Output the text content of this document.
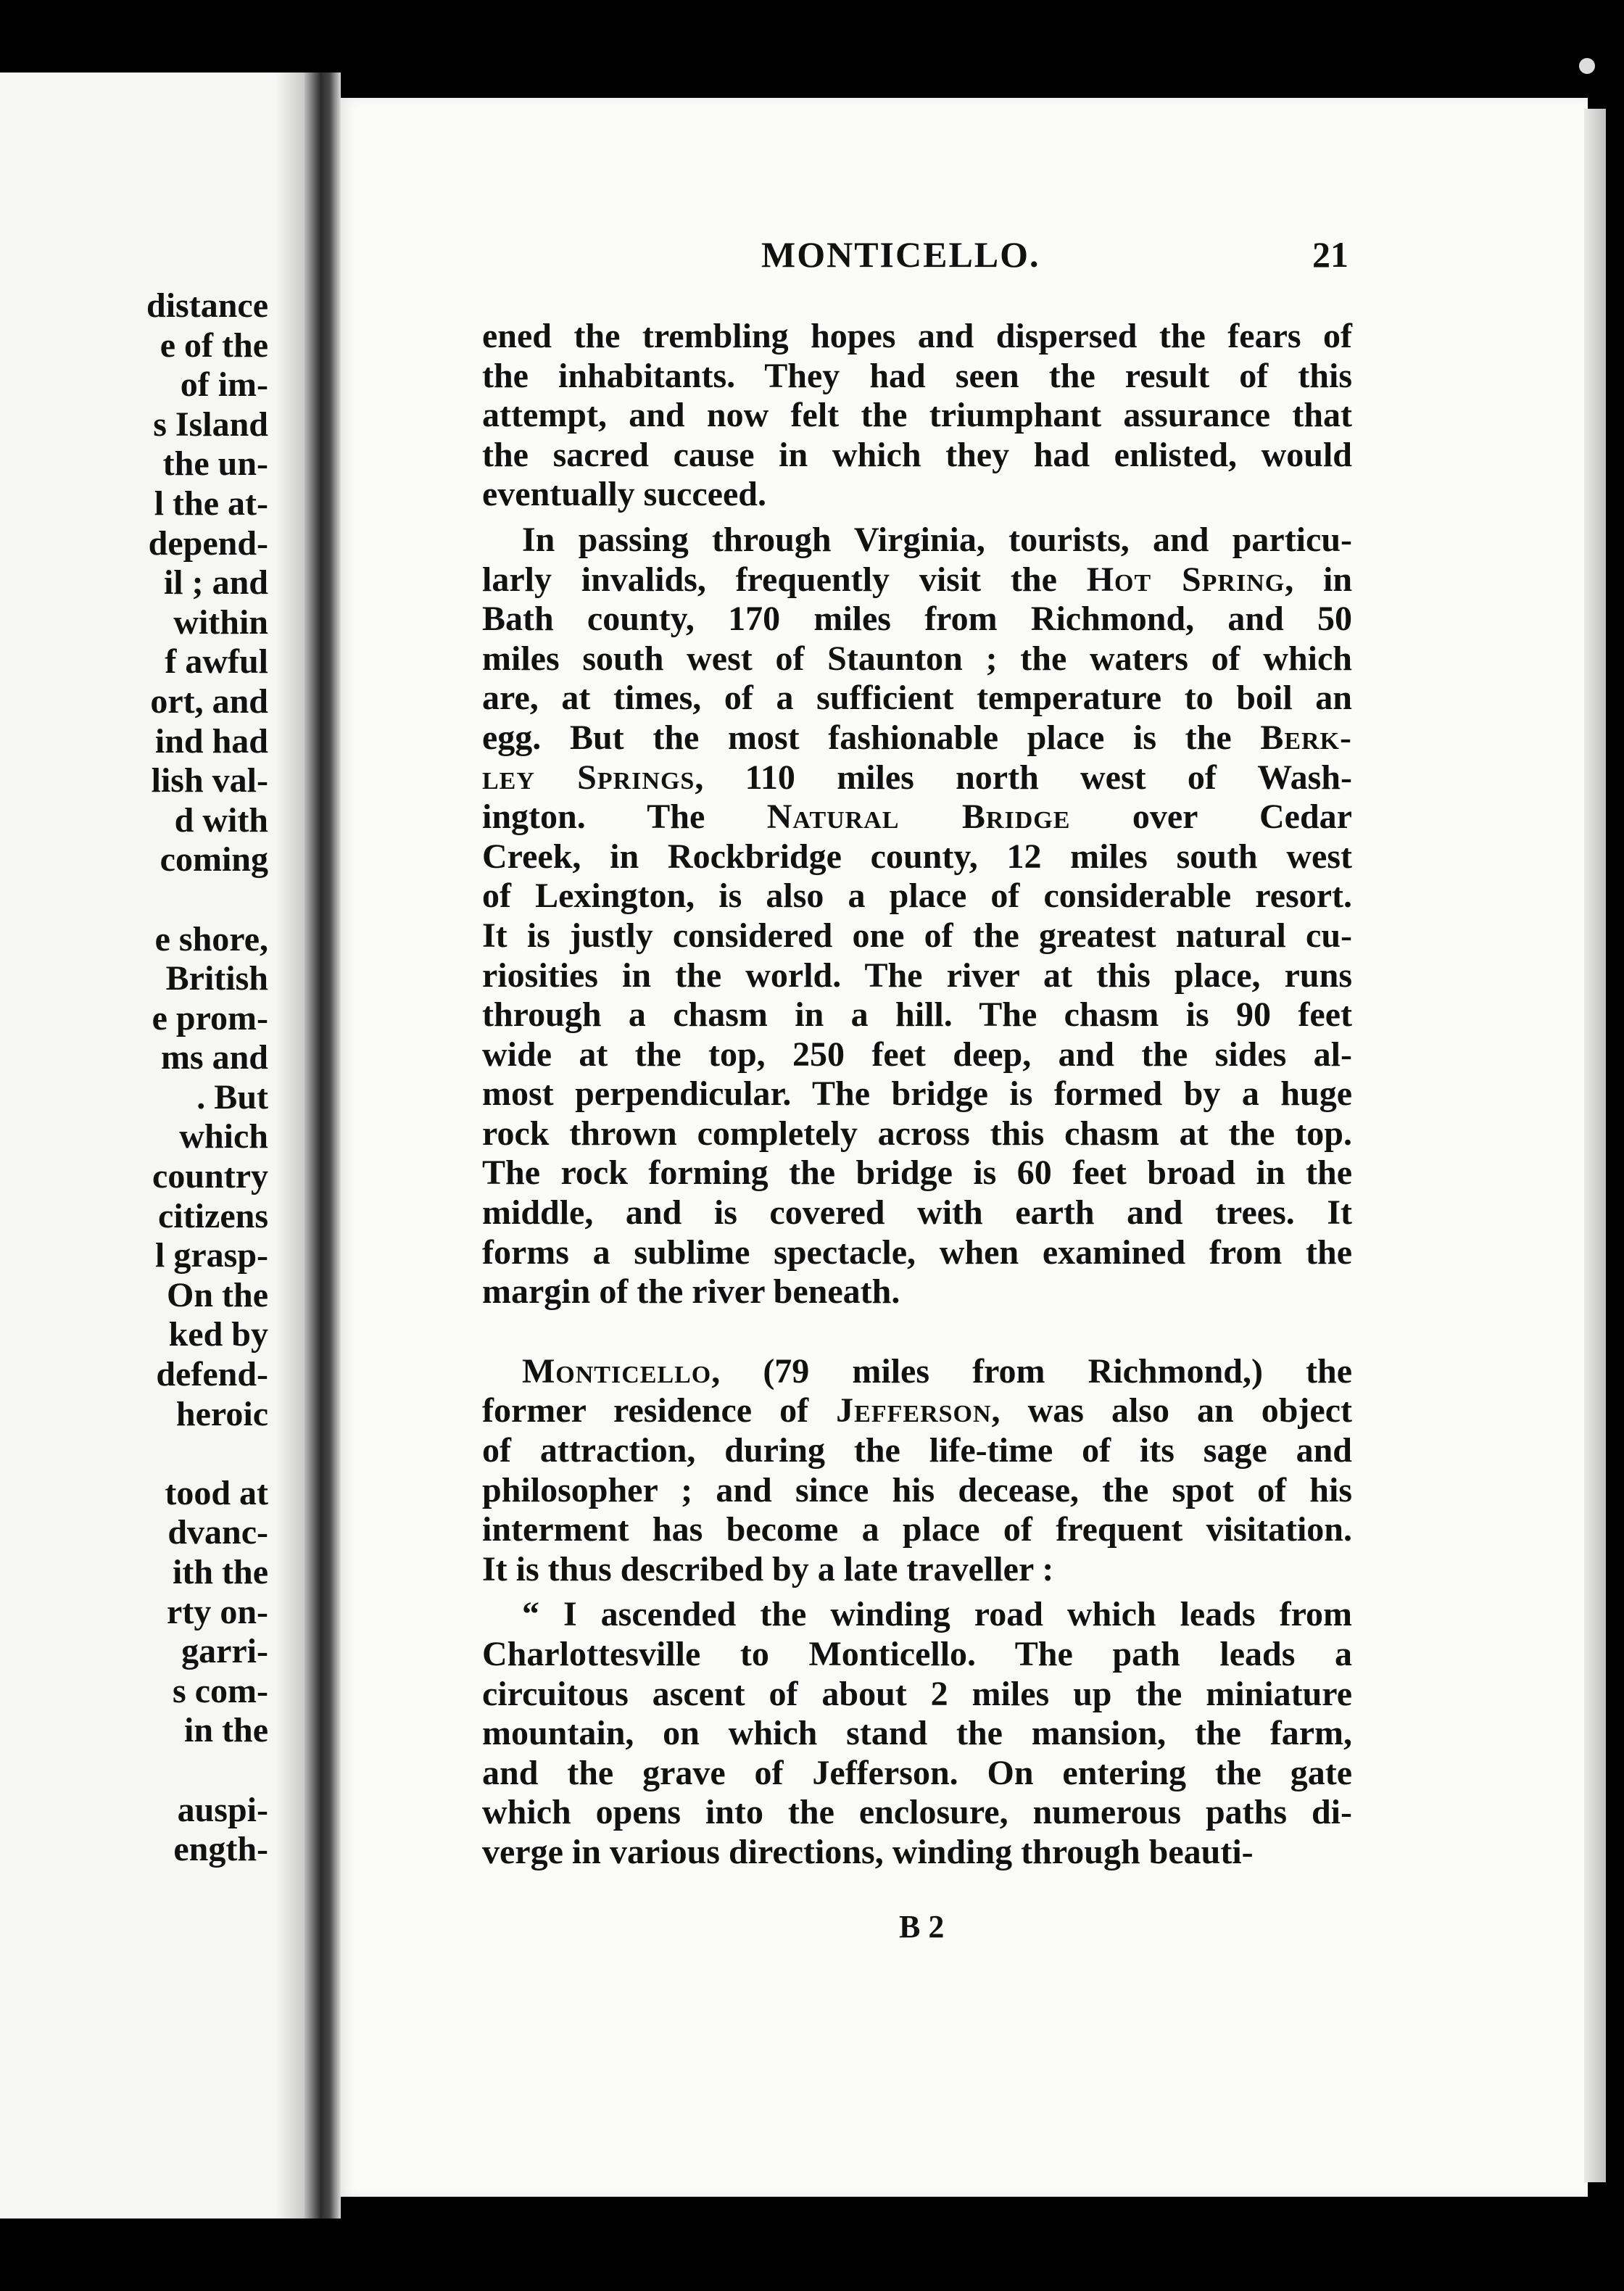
distance
e of the
of im-
s Island
the un-
l the at-
depend-
il ; and
within
f awful
ort, and
ind had
lish val-
d with
coming
e shore,
British
e prom-
ms and
. But
which
country
citizens
l grasp-
On the
ked by
defend-
heroic
tood at
dvanc-
ith the
rty on-
garri-
s com-
in the
auspi-
ength-
MONTICELLO.	21
ened the trembling hopes and dispersed the fears of
the inhabitants. They had seen the result of this
attempt, and now felt the triumphant assurance that
the sacred cause in which they had enlisted, would
eventually succeed.
In passing through Virginia, tourists, and particu-
larly invalids, frequently visit the Hot Spring, in
Bath county, 170 miles from Richmond, and 50
miles south west of Staunton ; the waters of which
are, at times, of a sufficient temperature to boil an
egg. But the most fashionable place is the Berk-
ley Springs, 110 miles north west of Wash-
ington. The Natural Bridge over Cedar
Creek, in Rockbridge county, 12 miles south west
of Lexington, is also a place of considerable resort.
It is justly considered one of the greatest natural cu-
riosities in the world. The river at this place, runs
through a chasm in a hill. The chasm is 90 feet
wide at the top, 250 feet deep, and the sides al-
most perpendicular. The bridge is formed by a huge
rock thrown completely across this chasm at the top.
The rock forming the bridge is 60 feet broad in the
middle, and is covered with earth and trees. It
forms a sublime spectacle, when examined from the
margin of the river beneath.
Monticello, (79 miles from Richmond,) the
former residence of Jefferson, was also an object
of attraction, during the life-time of its sage and
philosopher ; and since his decease, the spot of his
interment has become a place of frequent visitation.
It is thus described by a late traveller :
“ I ascended the winding road which leads from
Charlottesville to Monticello. The path leads a
circuitous ascent of about 2 miles up the miniature
mountain, on which stand the mansion, the farm,
and the grave of Jefferson. On entering the gate
which opens into the enclosure, numerous paths di-
verge in various directions, winding through beauti-
B 2
